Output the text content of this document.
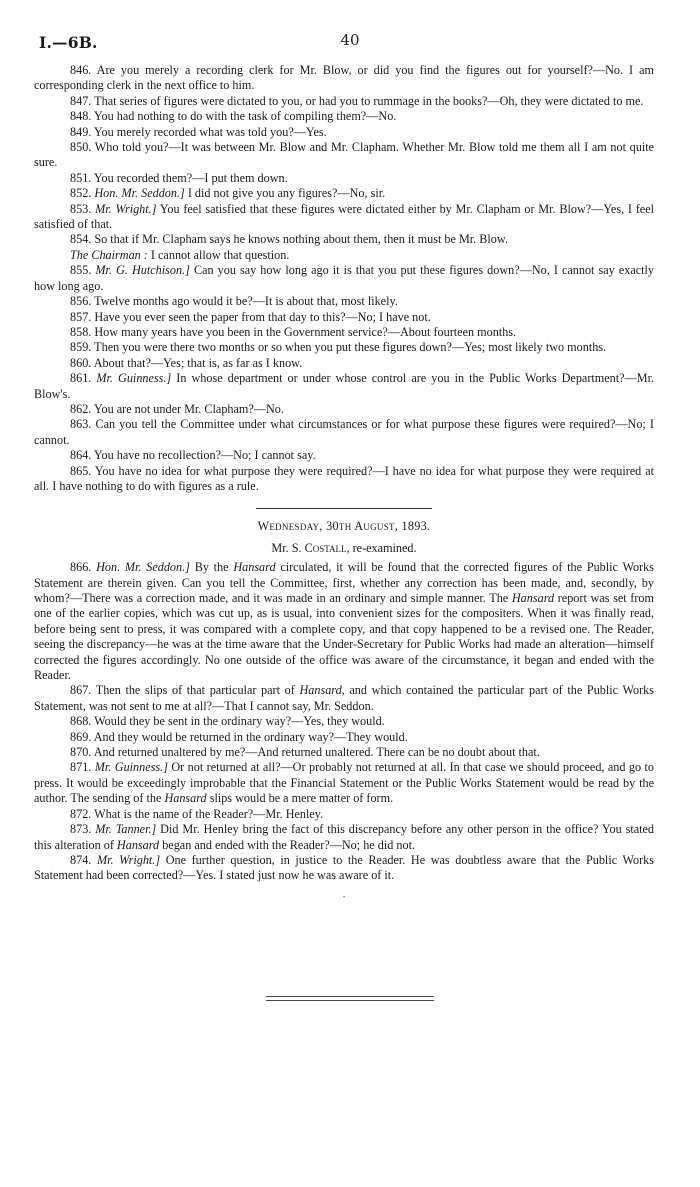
I.—6B.	40

846. Are you merely a recording clerk for Mr. Blow, or did you find the figures out for yourself?—No. I am corresponding clerk in the next office to him.

847. That series of figures were dictated to you, or had you to rummage in the books?—Oh, they were dictated to me.

848. You had nothing to do with the task of compiling them?—No.

849. You merely recorded what was told you?—Yes.

850. Who told you?—It was between Mr. Blow and Mr. Clapham. Whether Mr. Blow told me them all I am not quite sure.

851. You recorded them?—I put them down.

852. Hon. Mr. Seddon.] I did not give you any figures?—No, sir.

853. Mr. Wright.] You feel satisfied that these figures were dictated either by Mr. Clapham or Mr. Blow?—Yes, I feel satisfied of that.

854. So that if Mr. Clapham says he knows nothing about them, then it must be Mr. Blow.

The Chairman : I cannot allow that question.

855. Mr. G. Hutchison.] Can you say how long ago it is that you put these figures down?—No, I cannot say exactly how long ago.

856. Twelve months ago would it be?—It is about that, most likely.

857. Have you ever seen the paper from that day to this?—No; I have not.

858. How many years have you been in the Government service?—About fourteen months.

859. Then you were there two months or so when you put these figures down?—Yes; most likely two months.

860. About that?—Yes; that is, as far as I know.

861. Mr. Guinness.] In whose department or under whose control are you in the Public Works Department?—Mr. Blow's.

862. You are not under Mr. Clapham?—No.

863. Can you tell the Committee under what circumstances or for what purpose these figures were required?—No; I cannot.

864. You have no recollection?—No; I cannot say.

865. You have no idea for what purpose they were required?—I have no idea for what purpose they were required at all. I have nothing to do with figures as a rule.

Wednesday, 30th August, 1893.
Mr. S. Costall, re-examined.

866. Hon. Mr. Seddon.] By the Hansard circulated, it will be found that the corrected figures of the Public Works Statement are therein given. Can you tell the Committee, first, whether any correction has been made, and, secondly, by whom?—There was a correction made, and it was made in an ordinary and simple manner. The Hansard report was set from one of the earlier copies, which was cut up, as is usual, into convenient sizes for the compositers. When it was finally read, before being sent to press, it was compared with a complete copy, and that copy happened to be a revised one. The Reader, seeing the discrepancy—he was at the time aware that the Under-Secretary for Public Works had made an alteration—himself corrected the figures accordingly. No one outside of the office was aware of the circumstance, it began and ended with the Reader.

867. Then the slips of that particular part of Hansard, and which contained the particular part of the Public Works Statement, was not sent to me at all?—That I cannot say, Mr. Seddon.

868. Would they be sent in the ordinary way?—Yes, they would.

869. And they would be returned in the ordinary way?—They would.

870. And returned unaltered by me?—And returned unaltered. There can be no doubt about that.

871. Mr. Guinness.] Or not returned at all?—Or probably not returned at all. In that case we should proceed, and go to press. It would be exceedingly improbable that the Financial Statement or the Public Works Statement would be read by the author. The sending of the Hansard slips would be a mere matter of form.

872. What is the name of the Reader?—Mr. Henley.

873. Mr. Tanner.] Did Mr. Henley bring the fact of this discrepancy before any other person in the office? You stated this alteration of Hansard began and ended with the Reader?—No; he did not.

874. Mr. Wright.] One further question, in justice to the Reader. He was doubtless aware that the Public Works Statement had been corrected?—Yes. I stated just now he was aware of it.

·
